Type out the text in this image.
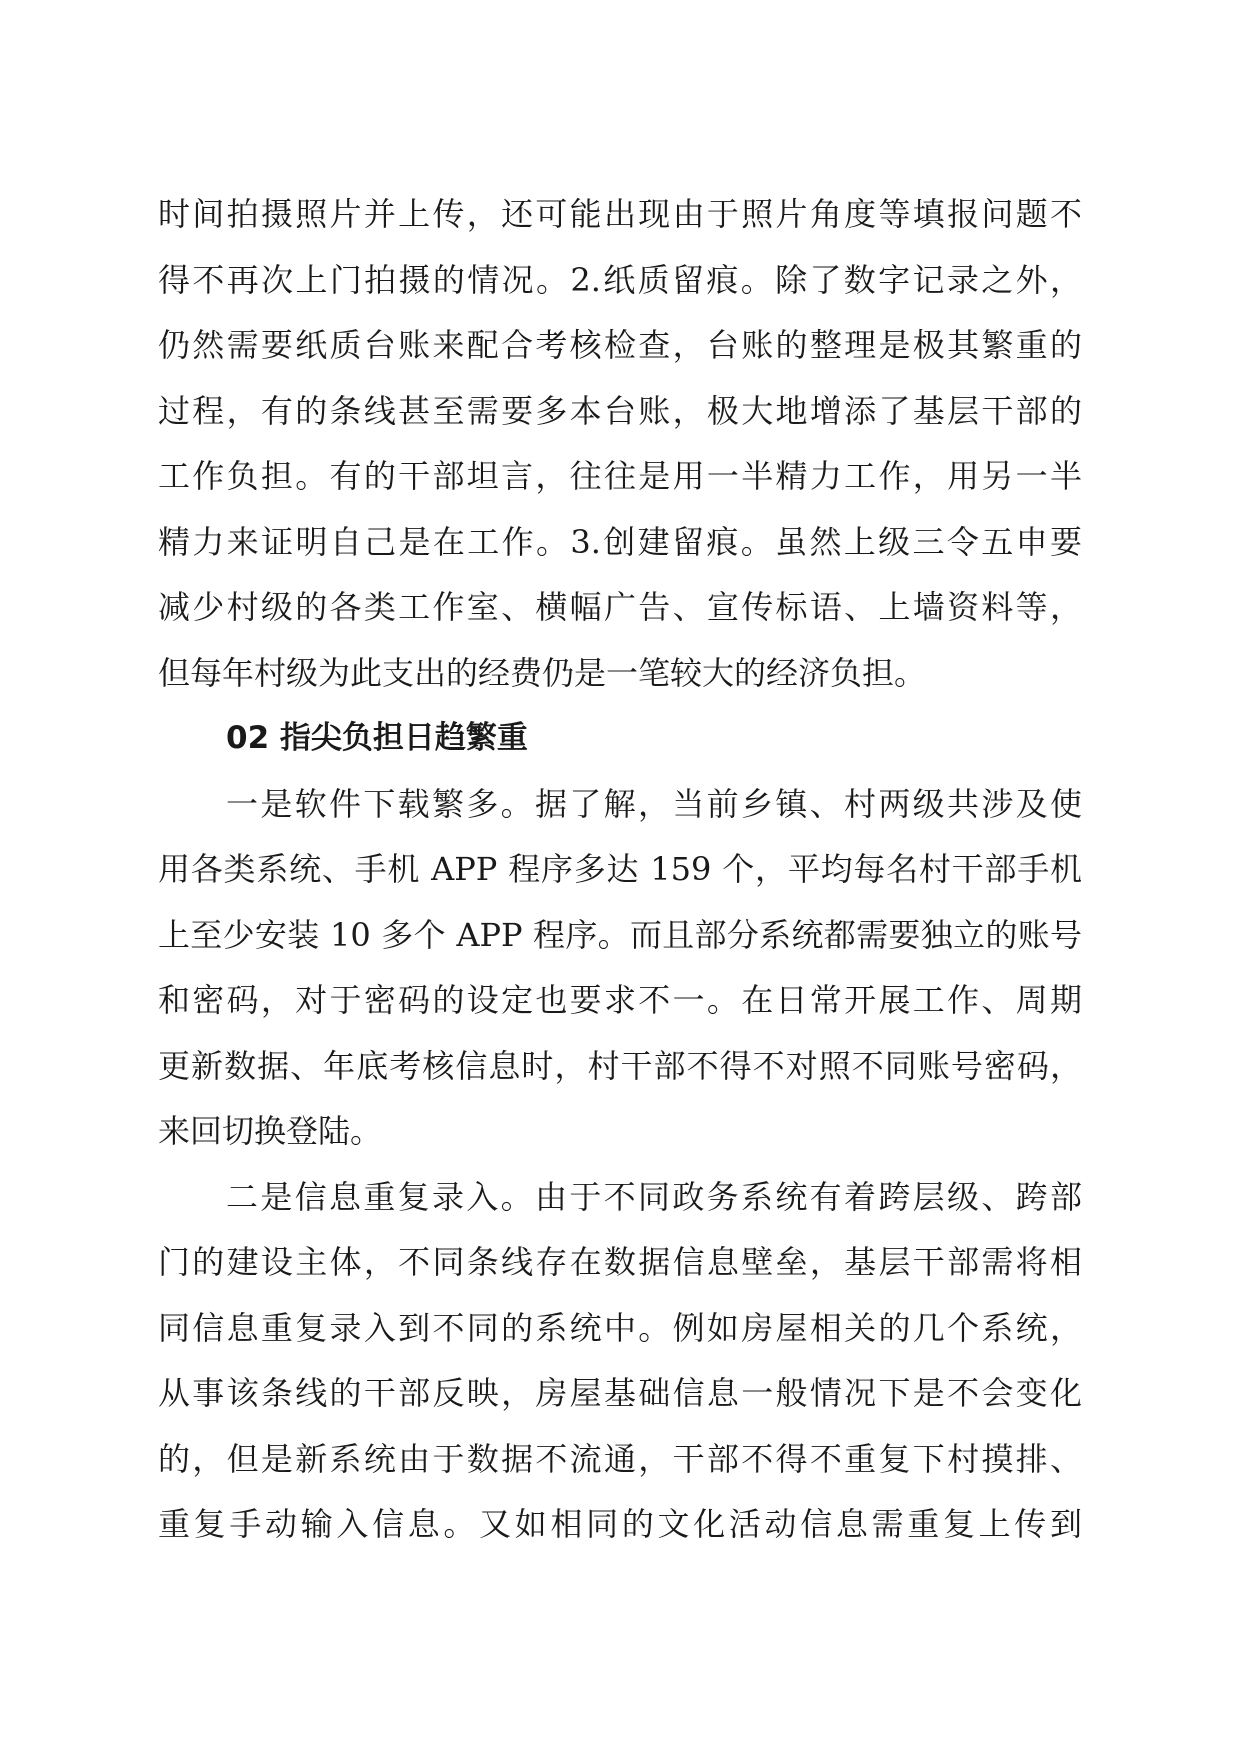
时间拍摄照片并上传，还可能出现由于照片角度等填报问题不
得不再次上门拍摄的情况。2.纸质留痕。除了数字记录之外，
仍然需要纸质台账来配合考核检查，台账的整理是极其繁重的
过程，有的条线甚至需要多本台账，极大地增添了基层干部的
工作负担。有的干部坦言，往往是用一半精力工作，用另一半
精力来证明自己是在工作。3.创建留痕。虽然上级三令五申要
减少村级的各类工作室、横幅广告、宣传标语、上墙资料等，
但每年村级为此支出的经费仍是一笔较大的经济负担。
02 指尖负担日趋繁重
一是软件下载繁多。据了解，当前乡镇、村两级共涉及使
用各类系统、手机 APP 程序多达 159 个，平均每名村干部手机
上至少安装 10 多个 APP 程序。而且部分系统都需要独立的账号
和密码，对于密码的设定也要求不一。在日常开展工作、周期
更新数据、年底考核信息时，村干部不得不对照不同账号密码，
来回切换登陆。
二是信息重复录入。由于不同政务系统有着跨层级、跨部
门的建设主体，不同条线存在数据信息壁垒，基层干部需将相
同信息重复录入到不同的系统中。例如房屋相关的几个系统，
从事该条线的干部反映，房屋基础信息一般情况下是不会变化
的，但是新系统由于数据不流通，干部不得不重复下村摸排、
重复手动输入信息。又如相同的文化活动信息需重复上传到
